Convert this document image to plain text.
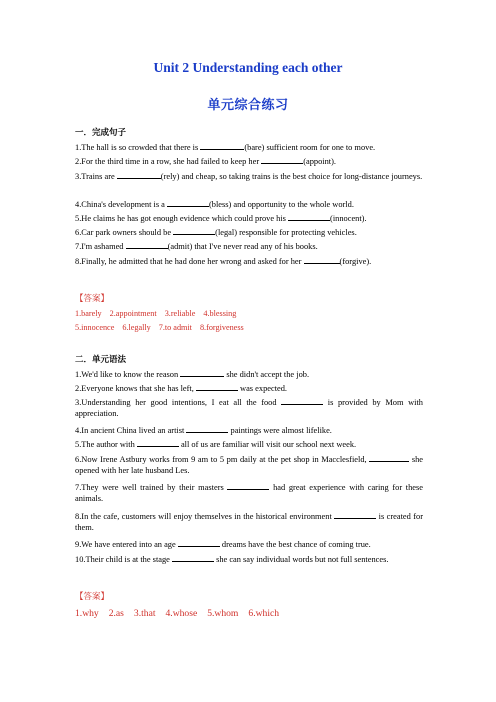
Unit 2 Understanding each other
单元综合练习
一．完成句子
1.The hall is so crowded that there is	(bare) sufficient room for one to move.
2.For the third time in a row, she had failed to keep her	(appoint).
3.Trains are	(rely) and cheap, so taking trains is the best choice for long-distance journeys.
4.China's development is a	(bless) and opportunity to the whole world.
5.He claims he has got enough evidence which could prove his	(innocent).
6.Car park owners should be	(legal) responsible for protecting vehicles.
7.I'm ashamed	(admit) that I've never read any of his books.
8.Finally, he admitted that he had done her wrong and asked for her	(forgive).
【答案】
1.barely 2.appointment 3.reliable 4.blessing
5.innocence 6.legally 7.to admit 8.forgiveness
二．单元语法
1.We'd like to know the reason	she didn't accept the job.
2.Everyone knows that she has left,	was expected.
3.Understanding her good intentions, I eat all the food	is provided by Mom with appreciation.
4.In ancient China lived an artist	paintings were almost lifelike.
5.The author with	all of us are familiar will visit our school next week.
6.Now Irene Astbury works from 9 am to 5 pm daily at the pet shop in Macclesfield,	she opened with her late husband Les.
7.They were well trained by their masters	had great experience with caring for these animals.
8.In the cafe, customers will enjoy themselves in the historical environment	is created for them.
9.We have entered into an age	dreams have the best chance of coming true.
10.Their child is at the stage	she can say individual words but not full sentences.
【答案】
1.why 2.as 3.that 4.whose 5.whom 6.which
